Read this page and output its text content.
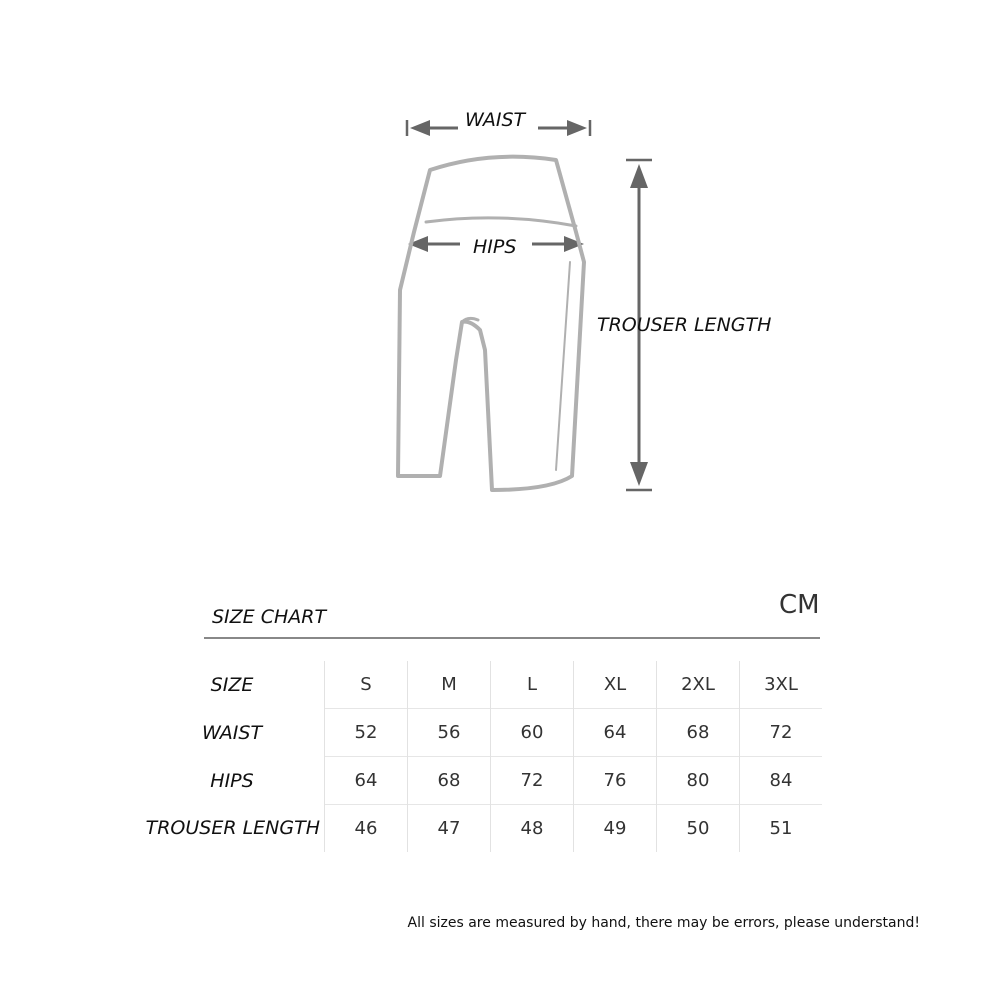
WAIST
HIPS
TROUSER LENGTH
SIZE CHART	CM
SIZE	S	M	L	XL	2XL	3XL
WAIST	52	56	60	64	68	72
HIPS	64	68	72	76	80	84
TROUSER LENGTH	46	47	48	49	50	51
All sizes are measured by hand, there may be errors, please understand!
